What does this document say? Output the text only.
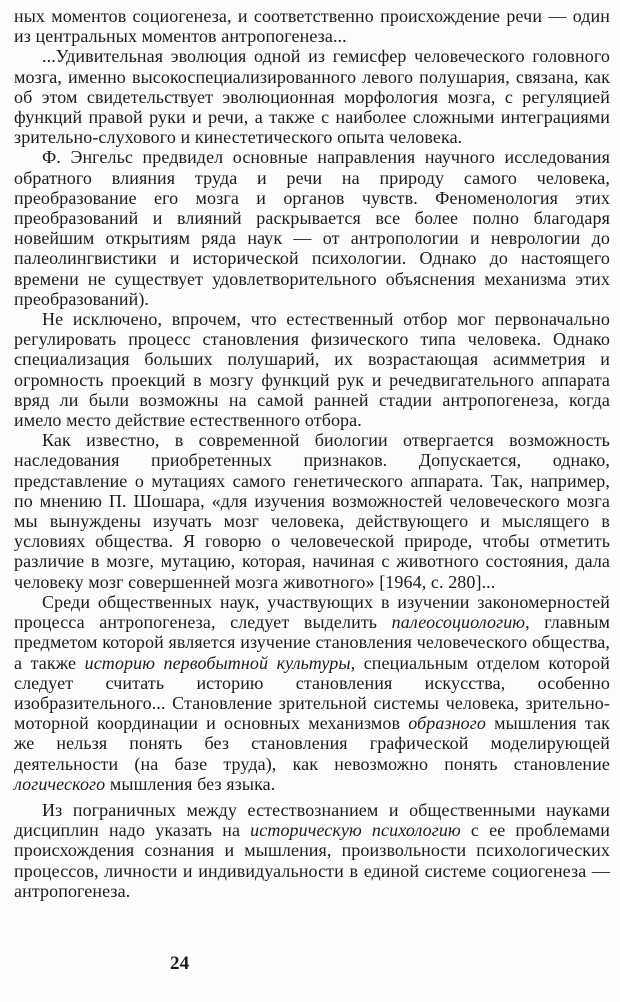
ных моментов социогенеза, и соответственно происхождение речи — один из центральных моментов антропогенеза...

...Удивительная эволюция одной из гемисфер человеческого головного мозга, именно высокоспециализированного левого полушария, связана, как об этом свидетельствует эволюционная морфология мозга, с регуляцией функций правой руки и речи, а также с наиболее сложными интеграциями зрительно-слухового и кинестетического опыта человека.

Ф. Энгельс предвидел основные направления научного исследования обратного влияния труда и речи на природу самого человека, преобразование его мозга и органов чувств. Феноменология этих преобразований и влияний раскрывается все более полно благодаря новейшим открытиям ряда наук — от антропологии и неврологии до палеолингвистики и исторической психологии. Однако до настоящего времени не существует удовлетворительного объяснения механизма этих преобразований).

Не исключено, впрочем, что естественный отбор мог первоначально регулировать процесс становления физического типа человека. Однако специализация больших полушарий, их возрастающая асимметрия и огромность проекций в мозгу функций рук и речедвигательного аппарата вряд ли были возможны на самой ранней стадии антропогенеза, когда имело место действие естественного отбора.

Как известно, в современной биологии отвергается возможность наследования приобретенных признаков. Допускается, однако, представление о мутациях самого генетического аппарата. Так, например, по мнению П. Шошара, «для изучения возможностей человеческого мозга мы вынуждены изучать мозг человека, действующего и мыслящего в условиях общества. Я говорю о человеческой природе, чтобы отметить различие в мозге, мутацию, которая, начиная с животного состояния, дала человеку мозг совершенней мозга животного» [1964, с. 280]...

Среди общественных наук, участвующих в изучении закономерностей процесса антропогенеза, следует выделить палеосоциологию, главным предметом которой является изучение становления человеческого общества, а также историю первобытной культуры, специальным отделом которой следует считать историю становления искусства, особенно изобразительного... Становление зрительной системы человека, зрительно-моторной координации и основных механизмов образного мышления так же нельзя понять без становления графической моделирующей деятельности (на базе труда), как невозможно понять становление логического мышления без языка.

Из пограничных между естествознанием и общественными науками дисциплин надо указать на историческую психологию с ее проблемами происхождения сознания и мышления, произвольности психологических процессов, личности и индивидуальности в единой системе социогенеза — антропогенеза.

24
